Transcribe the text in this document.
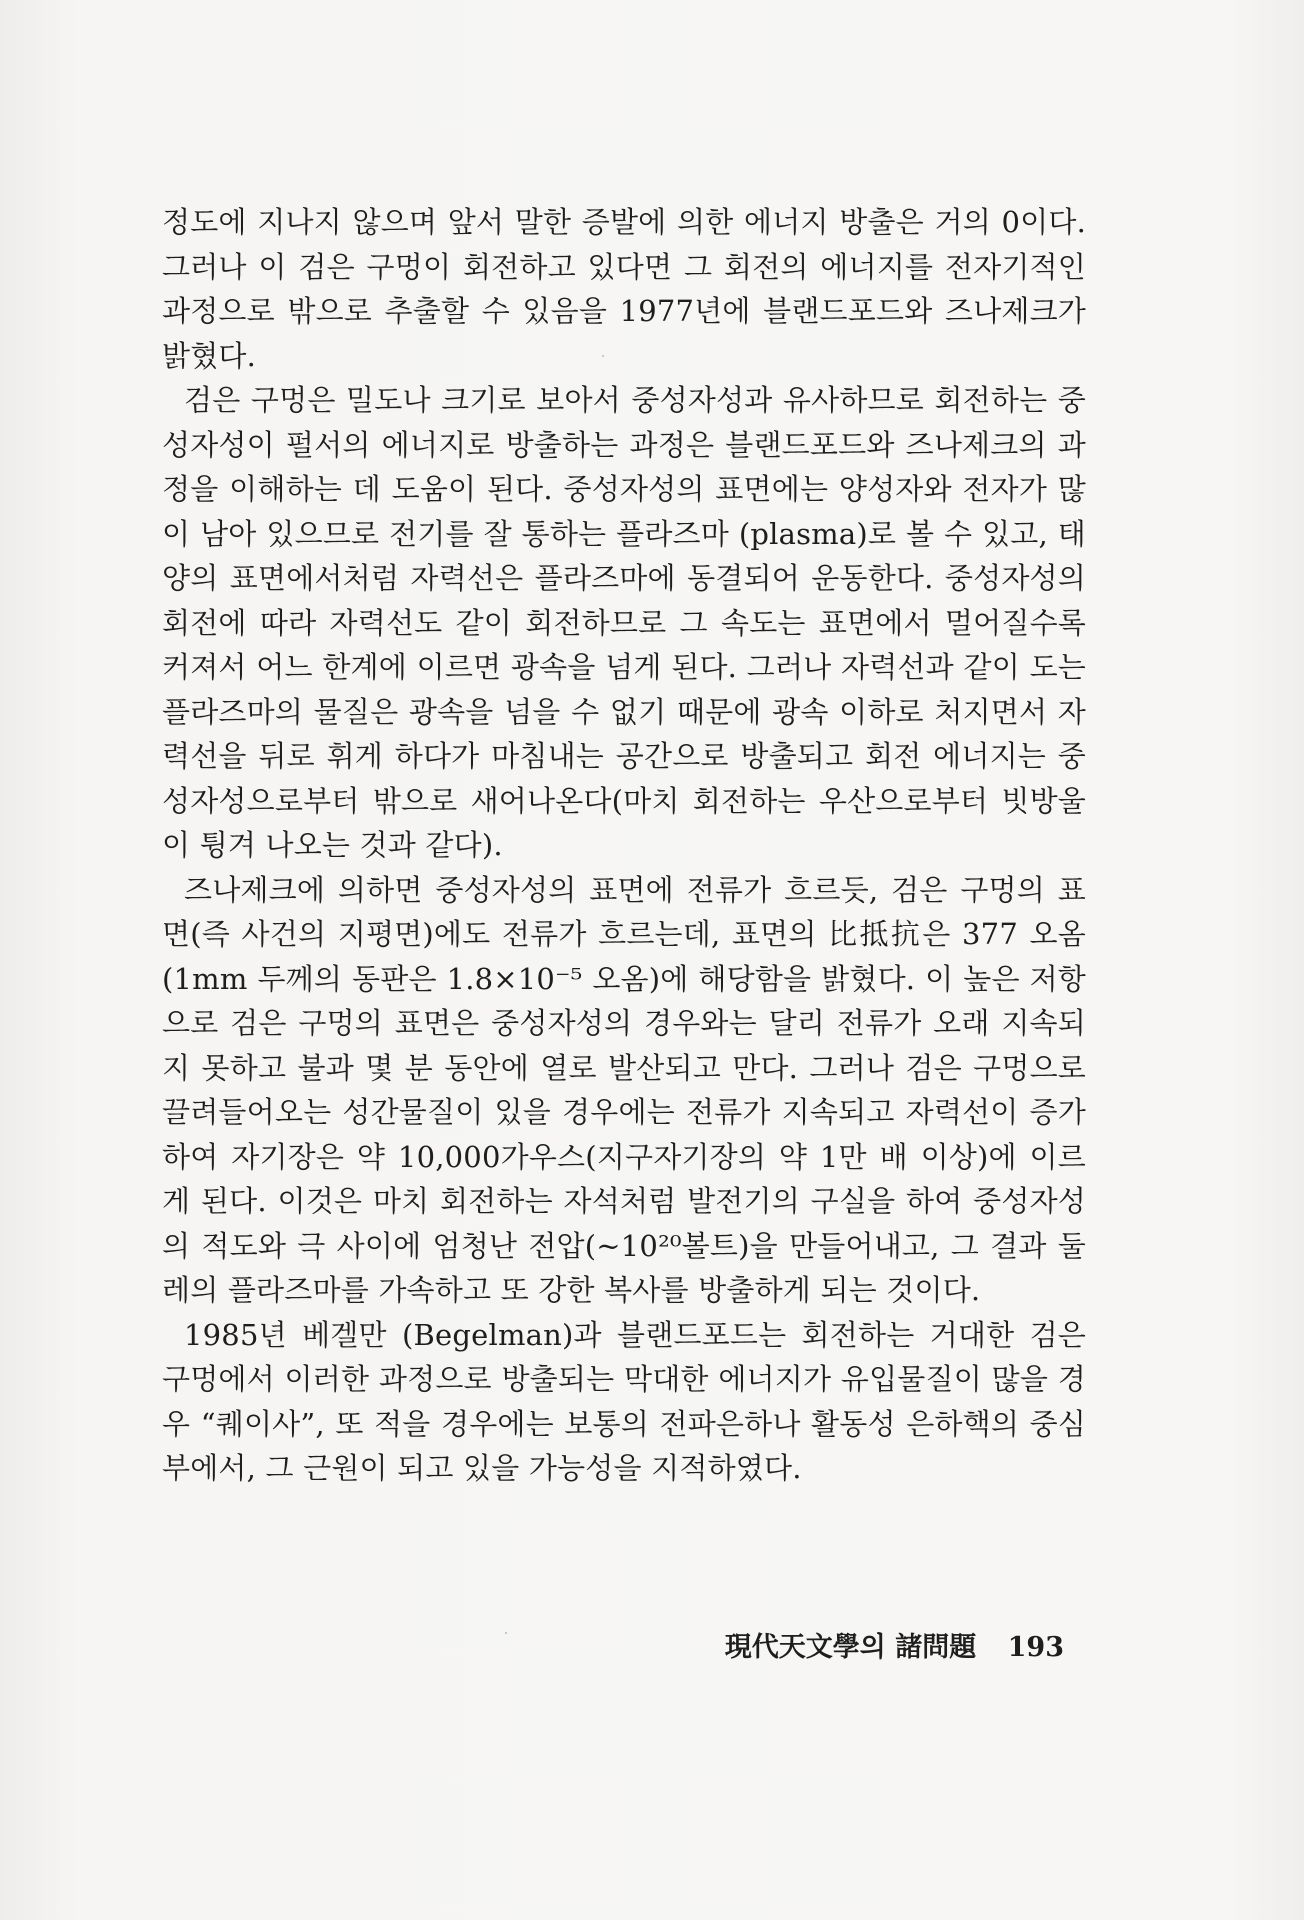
정도에 지나지 않으며 앞서 말한 증발에 의한 에너지 방출은 거의 0이다. 그러나 이 검은 구멍이 회전하고 있다면 그 회전의 에너지를 전자기적인 과정으로 밖으로 추출할 수 있음을 1977년에 블랜드포드와 즈나제크가 밝혔다.

검은 구멍은 밀도나 크기로 보아서 중성자성과 유사하므로 회전하는 중성자성이 펄서의 에너지로 방출하는 과정은 블랜드포드와 즈나제크의 과정을 이해하는 데 도움이 된다. 중성자성의 표면에는 양성자와 전자가 많이 남아 있으므로 전기를 잘 통하는 플라즈마 (plasma)로 볼 수 있고, 태양의 표면에서처럼 자력선은 플라즈마에 동결되어 운동한다. 중성자성의 회전에 따라 자력선도 같이 회전하므로 그 속도는 표면에서 멀어질수록 커져서 어느 한계에 이르면 광속을 넘게 된다. 그러나 자력선과 같이 도는 플라즈마의 물질은 광속을 넘을 수 없기 때문에 광속 이하로 처지면서 자력선을 뒤로 휘게 하다가 마침내는 공간으로 방출되고 회전 에너지는 중성자성으로부터 밖으로 새어나온다(마치 회전하는 우산으로부터 빗방울이 튕겨 나오는 것과 같다).

즈나제크에 의하면 중성자성의 표면에 전류가 흐르듯, 검은 구멍의 표면(즉 사건의 지평면)에도 전류가 흐르는데, 표면의 比抵抗은 377 오옴(1mm 두께의 동판은 1.8×10⁻⁵ 오옴)에 해당함을 밝혔다. 이 높은 저항으로 검은 구멍의 표면은 중성자성의 경우와는 달리 전류가 오래 지속되지 못하고 불과 몇 분 동안에 열로 발산되고 만다. 그러나 검은 구멍으로 끌려들어오는 성간물질이 있을 경우에는 전류가 지속되고 자력선이 증가하여 자기장은 약 10,000가우스(지구자기장의 약 1만 배 이상)에 이르게 된다. 이것은 마치 회전하는 자석처럼 발전기의 구실을 하여 중성자성의 적도와 극 사이에 엄청난 전압(~10²⁰볼트)을 만들어내고, 그 결과 둘레의 플라즈마를 가속하고 또 강한 복사를 방출하게 되는 것이다.

1985년 베겔만 (Begelman)과 블랜드포드는 회전하는 거대한 검은 구멍에서 이러한 과정으로 방출되는 막대한 에너지가 유입물질이 많을 경우 “퀘이사”, 또 적을 경우에는 보통의 전파은하나 활동성 은하핵의 중심부에서, 그 근원이 되고 있을 가능성을 지적하였다.

現代天文學의 諸問題 193
